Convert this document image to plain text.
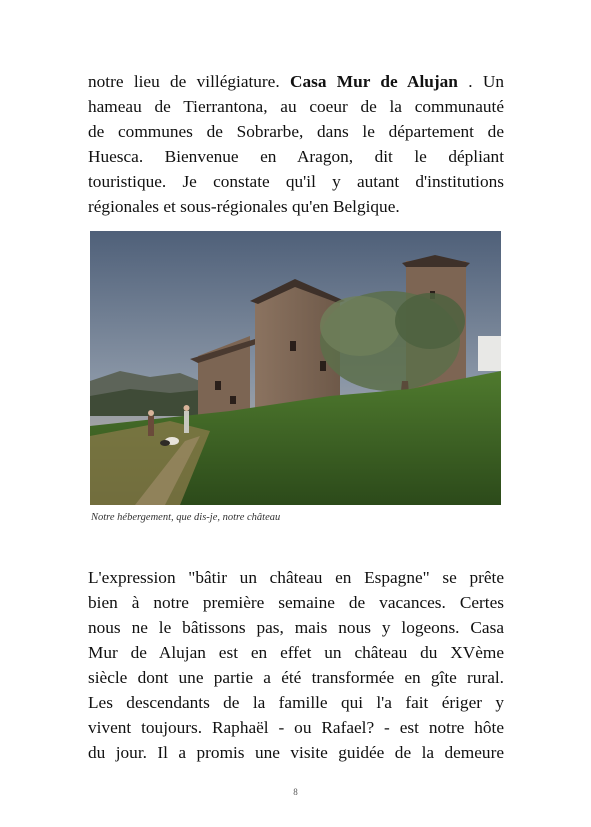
notre lieu de villégiature. Casa Mur de Alujan . Un
hameau de Tierrantona, au coeur de la communauté
de communes de Sobrarbe, dans le département de
Huesca. Bienvenue en Aragon, dit le dépliant
touristique. Je constate qu'il y autant d'institutions
régionales et sous-régionales qu'en Belgique.
Notre hébergement, que dis-je, notre château
L'expression "bâtir un château en Espagne" se prête
bien à notre première semaine de vacances. Certes
nous ne le bâtissons pas, mais nous y logeons. Casa
Mur de Alujan est en effet un château du XVème
siècle dont une partie a été transformée en gîte rural.
Les descendants de la famille qui l'a fait ériger y
vivent toujours. Raphaël - ou Rafael? - est notre hôte
du jour. Il a promis une visite guidée de la demeure
8
